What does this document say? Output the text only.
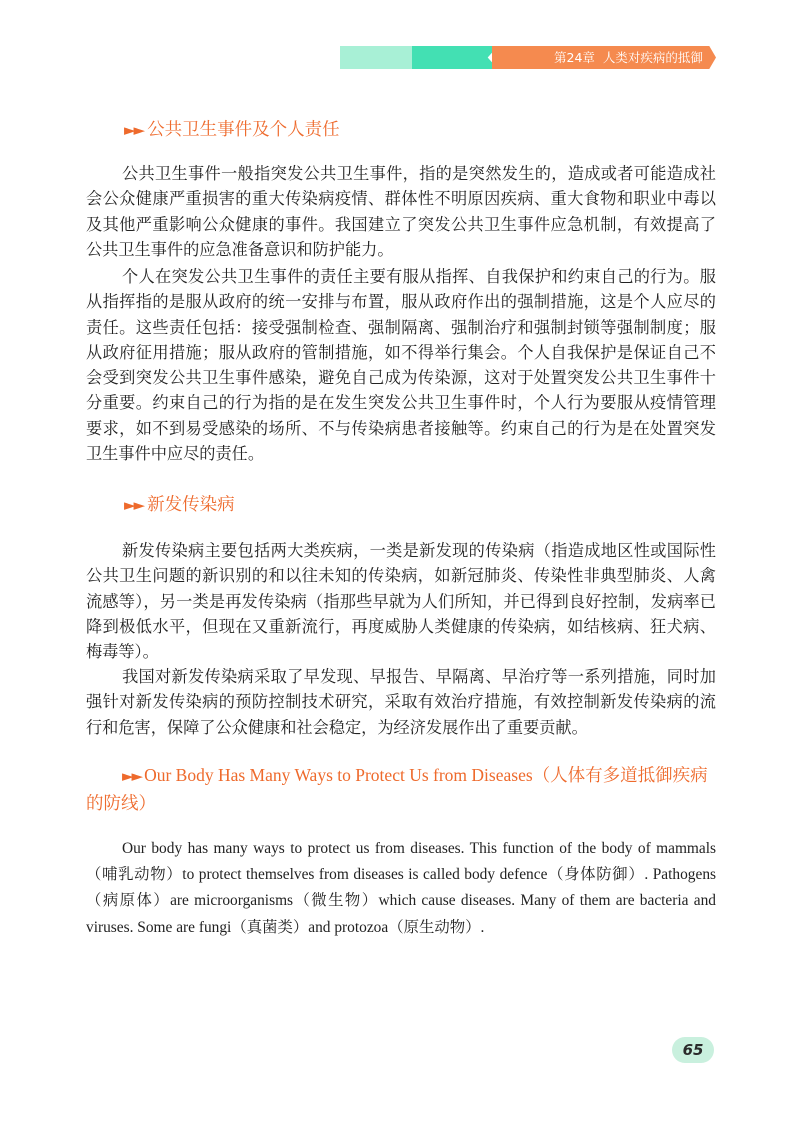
第24章 人类对疾病的抵御
►► 公共卫生事件及个人责任
公共卫生事件一般指突发公共卫生事件，指的是突然发生的，造成或者可能造成社会公众健康严重损害的重大传染病疫情、群体性不明原因疾病、重大食物和职业中毒以及其他严重影响公众健康的事件。我国建立了突发公共卫生事件应急机制，有效提高了公共卫生事件的应急准备意识和防护能力。
个人在突发公共卫生事件的责任主要有服从指挥、自我保护和约束自己的行为。服从指挥指的是服从政府的统一安排与布置，服从政府作出的强制措施，这是个人应尽的责任。这些责任包括：接受强制检查、强制隔离、强制治疗和强制封锁等强制制度；服从政府征用措施；服从政府的管制措施，如不得举行集会。个人自我保护是保证自己不会受到突发公共卫生事件感染，避免自己成为传染源，这对于处置突发公共卫生事件十分重要。约束自己的行为指的是在发生突发公共卫生事件时，个人行为要服从疫情管理要求，如不到易受感染的场所、不与传染病患者接触等。约束自己的行为是在处置突发卫生事件中应尽的责任。
►► 新发传染病
新发传染病主要包括两大类疾病，一类是新发现的传染病（指造成地区性或国际性公共卫生问题的新识别的和以往未知的传染病，如新冠肺炎、传染性非典型肺炎、人禽流感等），另一类是再发传染病（指那些早就为人们所知，并已得到良好控制，发病率已降到极低水平，但现在又重新流行，再度威胁人类健康的传染病，如结核病、狂犬病、梅毒等）。
我国对新发传染病采取了早发现、早报告、早隔离、早治疗等一系列措施，同时加强针对新发传染病的预防控制技术研究，采取有效治疗措施，有效控制新发传染病的流行和危害，保障了公众健康和社会稳定，为经济发展作出了重要贡献。
►► Our Body Has Many Ways to Protect Us from Diseases（人体有多道抵御疾病的防线）
Our body has many ways to protect us from diseases. This function of the body of mammals（哺乳动物）to protect themselves from diseases is called body defence（身体防御）. Pathogens（病原体）are microorganisms（微生物）which cause diseases. Many of them are bacteria and viruses. Some are fungi（真菌类）and protozoa（原生动物）.
65
